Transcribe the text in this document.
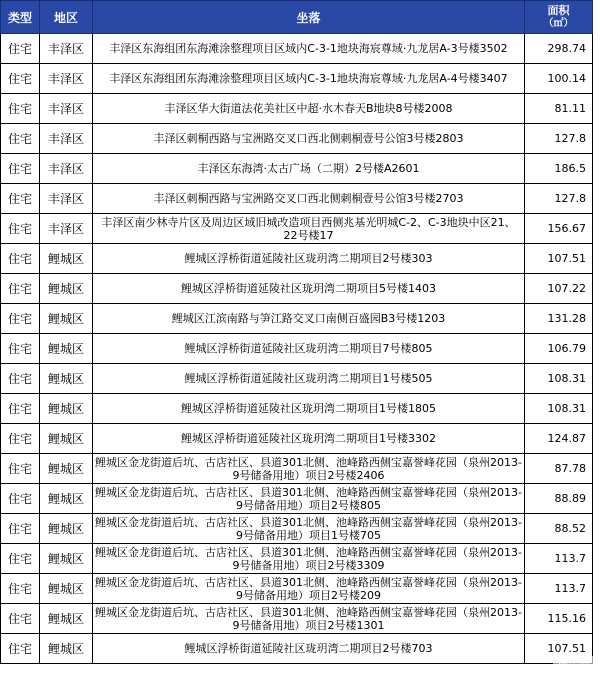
类型	地区	坐落	面积
（㎡）

住宅	丰泽区	丰泽区东海组团东海滩涂整理项目区域内C-3-1地块海宸尊域·九龙居A-3号楼3502	298.74
住宅	丰泽区	丰泽区东海组团东海滩涂整理项目区域内C-3-1地块海宸尊域·九龙居A-4号楼3407	100.14
住宅	丰泽区	丰泽区华大街道法花美社区中超·水木春天B地块8号楼2008	81.11
住宅	丰泽区	丰泽区刺桐西路与宝洲路交叉口西北侧刺桐壹号公馆3号楼2803	127.8
住宅	丰泽区	丰泽区东海湾·太古广场（二期）2号楼A2601	186.5
住宅	丰泽区	丰泽区刺桐西路与宝洲路交叉口西北侧刺桐壹号公馆3号楼2703	127.8
住宅	丰泽区	丰泽区南少林寺片区及周边区域旧城改造项目西侧兆基光明城C-2、C-3地块中区21、22号楼17	156.67
住宅	鲤城区	鲤城区浮桥街道延陵社区珑玥湾二期项目2号楼303	107.51
住宅	鲤城区	鲤城区浮桥街道延陵社区珑玥湾二期项目5号楼1403	107.22
住宅	鲤城区	鲤城区江滨南路与笋江路交叉口南侧百盛园B3号楼1203	131.28
住宅	鲤城区	鲤城区浮桥街道延陵社区珑玥湾二期项目7号楼805	106.79
住宅	鲤城区	鲤城区浮桥街道延陵社区珑玥湾二期项目1号楼505	108.31
住宅	鲤城区	鲤城区浮桥街道延陵社区珑玥湾二期项目1号楼1805	108.31
住宅	鲤城区	鲤城区浮桥街道延陵社区珑玥湾二期项目1号楼3302	124.87
住宅	鲤城区	鲤城区金龙街道后坑、古店社区、县道301北侧、池峰路西侧宝嘉誉峰花园（泉州2013-9号储备用地）项目2号楼2406	87.78
住宅	鲤城区	鲤城区金龙街道后坑、古店社区、县道301北侧、池峰路西侧宝嘉誉峰花园（泉州2013-9号储备用地）项目2号楼805	88.89
住宅	鲤城区	鲤城区金龙街道后坑、古店社区、县道301北侧、池峰路西侧宝嘉誉峰花园（泉州2013-9号储备用地）项目1号楼705	88.52
住宅	鲤城区	鲤城区金龙街道后坑、古店社区、县道301北侧、池峰路西侧宝嘉誉峰花园（泉州2013-9号储备用地）项目2号楼3309	113.7
住宅	鲤城区	鲤城区金龙街道后坑、古店社区、县道301北侧、池峰路西侧宝嘉誉峰花园（泉州2013-9号储备用地）项目2号楼209	113.7
住宅	鲤城区	鲤城区金龙街道后坑、古店社区、县道301北侧、池峰路西侧宝嘉誉峰花园（泉州2013-9号储备用地）项目2号楼1301	115.16
住宅	鲤城区	鲤城区浮桥街道延陵社区珑玥湾二期项目2号楼703	107.51
搜房网
